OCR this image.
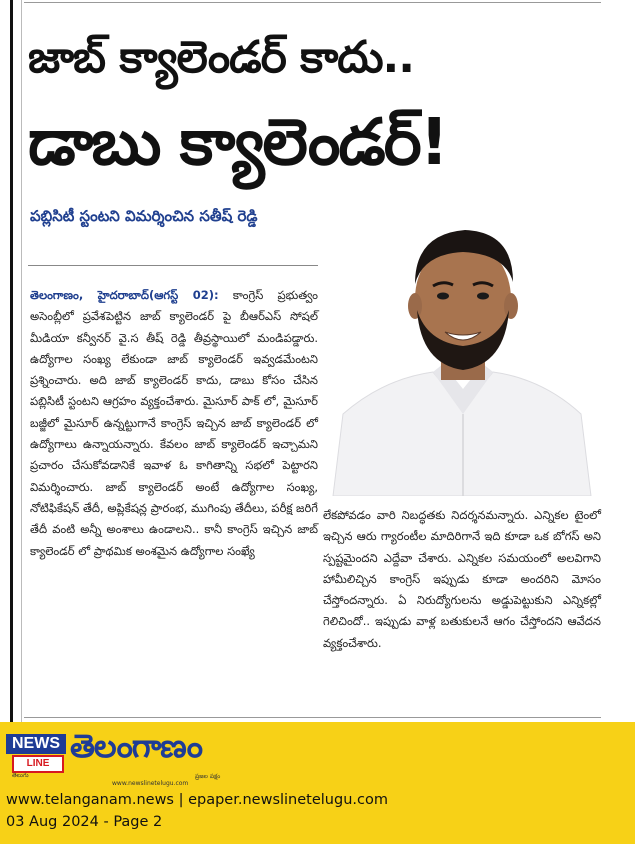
జాబ్ క్యాలెండర్ కాదు..
డాబు క్యాలెండర్!
పబ్లిసిటీ స్టంటని విమర్శించిన సతీష్ రెడ్డి
తెలంగాణం, హైదరాబాద్(ఆగస్ట్ 02): కాంగ్రెస్ ప్రభుత్వం అసెంబ్లీలో ప్రవేశపెట్టిన జాబ్ క్యాలెండర్ పై బీఆర్ఎస్ సోషల్ మీడియా కన్వీనర్ వై.స తీష్ రెడ్డి తీవ్రస్థాయిలో మండిపడ్డారు. ఉద్యోగాల సంఖ్య లేకుండా జాబ్ క్యాలెండర్ ఇవ్వడమేంటని ప్రశ్నించారు. అది జాబ్ క్యాలెండర్ కాదు, డాబు కోసం చేసిన పబ్లిసిటీ స్టంటని ఆగ్రహం వ్యక్తంచేశారు. మైసూర్ పాక్ లో, మైసూర్ బజ్జీలో మైసూర్ ఉన్నట్టుగానే కాంగ్రెస్ ఇచ్చిన జాబ్ క్యాలెండర్ లో ఉద్యోగాలు ఉన్నాయన్నారు. కేవలం జాబ్ క్యాలెండర్ ఇచ్చామని ప్రచారం చేసుకోవడానికే ఇవాళ ఓ కాగితాన్ని సభలో పెట్టారని విమర్శించారు. జాబ్ క్యాలెండర్ అంటే ఉద్యోగాల సంఖ్య, నోటిఫికేషన్ తేదీ, అప్లికేషన్ల ప్రారంభ, ముగింపు తేదీలు, పరీక్ష జరిగే తేదీ వంటి అన్నీ అంశాలు ఉండాలని.. కానీ కాంగ్రెస్ ఇచ్చిన జాబ్ క్యాలెండర్ లో ప్రాథమిక అంశమైన ఉద్యోగాల సంఖ్యే
లేకపోవడం వారి నిబద్ధతకు నిదర్శనమన్నారు. ఎన్నికల టైంలో ఇచ్చిన ఆరు గ్యారంటీల మాదిరిగానే ఇది కూడా ఒక బోగస్ అని స్పష్టమైందని ఎద్దేవా చేశారు. ఎన్నికల సమయంలో అలవిగాని హామీలిచ్చిన కాంగ్రెస్ ఇప్పుడు కూడా అందరిని మోసం చేస్తోందన్నారు. ఏ నిరుద్యోగులను అడ్డుపెట్టుకుని ఎన్నికల్లో గెలిచిందో.. ఇప్పుడు వాళ్ల బతుకులనే ఆగం చేస్తోందని ఆవేదన వ్యక్తంచేశారు.
NEWS
LINE
తెలుగు
తెలంగాణం
ప్రజల పక్షం
www.newslinetelugu.com
www.telanganam.news | epaper.newslinetelugu.com
03 Aug 2024 - Page 2
